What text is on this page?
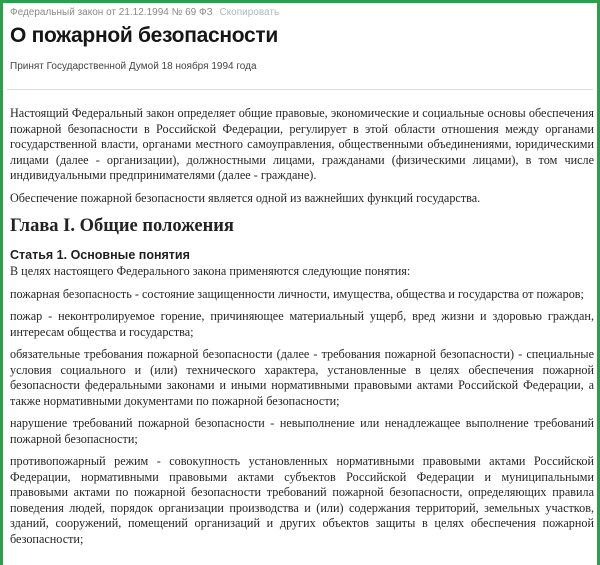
Федеральный закон от 21.12.1994 № 69 ФЗ Скопировать
О пожарной безопасности
Принят Государственной Думой 18 ноября 1994 года

Настоящий Федеральный закон определяет общие правовые, экономические и социальные основы обеспечения пожарной безопасности в Российской Федерации, регулирует в этой области отношения между органами государственной власти, органами местного самоуправления, общественными объединениями, юридическими лицами (далее - организации), должностными лицами, гражданами (физическими лицами), в том числе индивидуальными предпринимателями (далее - граждане).

Обеспечение пожарной безопасности является одной из важнейших функций государства.

Глава I. Общие положения
Статья 1. Основные понятия

В целях настоящего Федерального закона применяются следующие понятия:

пожарная безопасность - состояние защищенности личности, имущества, общества и государства от пожаров;

пожар - неконтролируемое горение, причиняющее материальный ущерб, вред жизни и здоровью граждан, интересам общества и государства;

обязательные требования пожарной безопасности (далее - требования пожарной безопасности) - специальные условия социального и (или) технического характера, установленные в целях обеспечения пожарной безопасности федеральными законами и иными нормативными правовыми актами Российской Федерации, а также нормативными документами по пожарной безопасности;

нарушение требований пожарной безопасности - невыполнение или ненадлежащее выполнение требований пожарной безопасности;

противопожарный режим - совокупность установленных нормативными правовыми актами Российской Федерации, нормативными правовыми актами субъектов Российской Федерации и муниципальными правовыми актами по пожарной безопасности требований пожарной безопасности, определяющих правила поведения людей, порядок организации производства и (или) содержания территорий, земельных участков, зданий, сооружений, помещений организаций и других объектов защиты в целях обеспечения пожарной безопасности;
